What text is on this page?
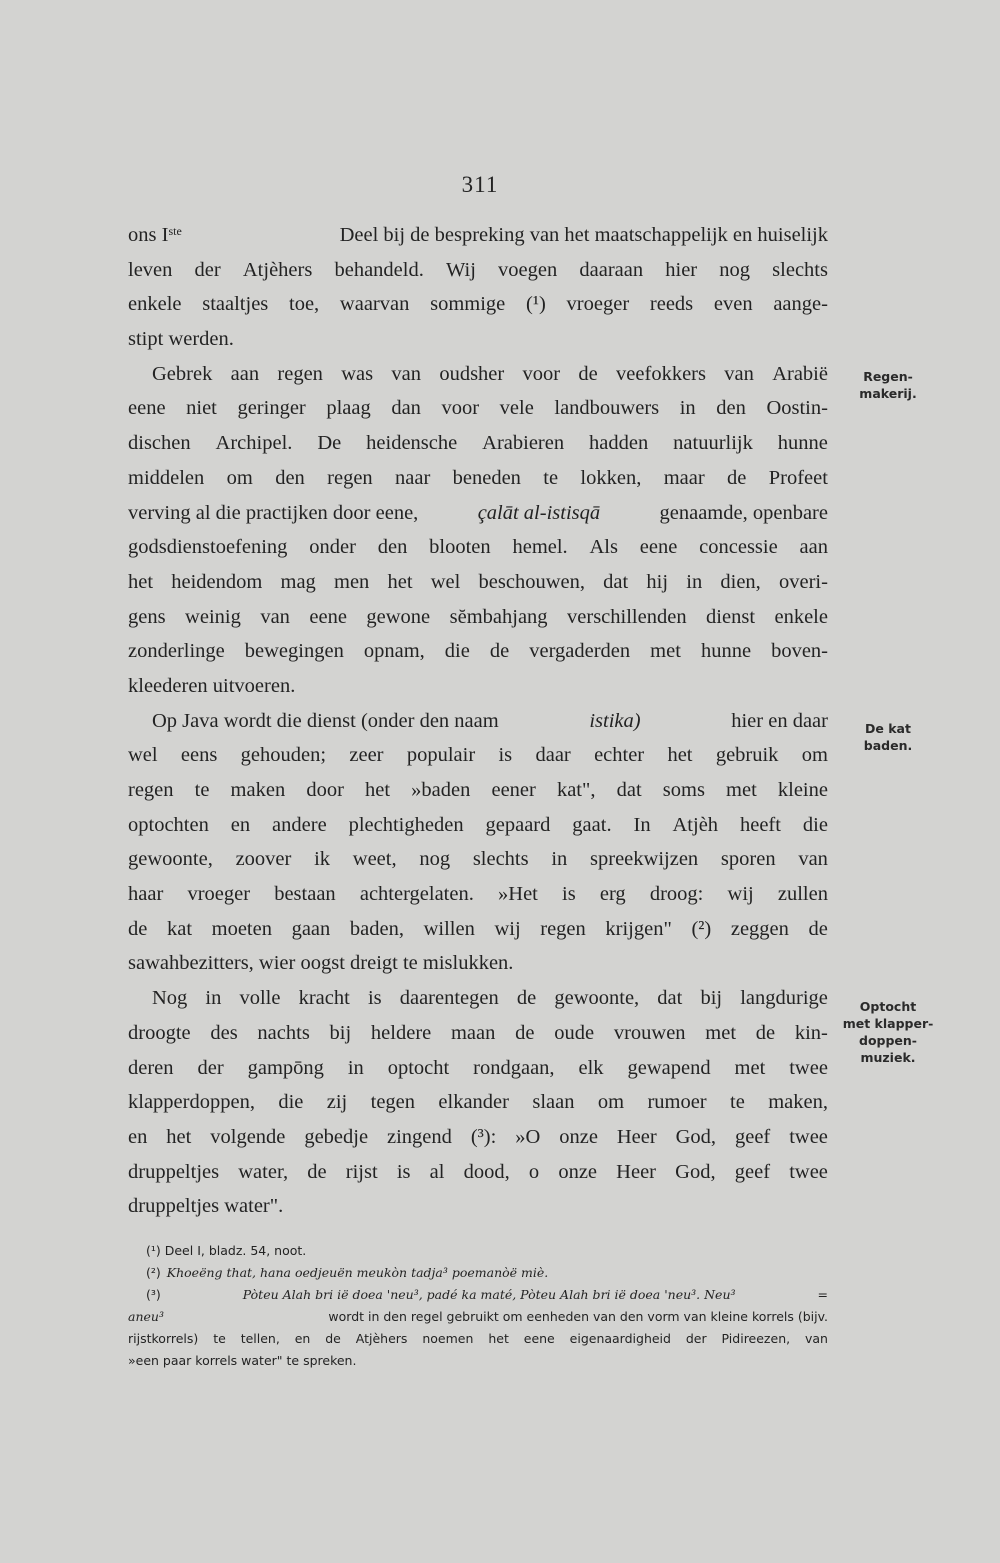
311
ons Iste	Deel bij de bespreking van het maatschappelijk en huiselijk
leven der Atjèhers behandeld. Wij voegen daaraan hier nog slechts
enkele staaltjes toe, waarvan sommige (¹) vroeger reeds even aange-
stipt werden.
Gebrek aan regen was van oudsher voor de veefokkers van Arabië
eene niet geringer plaag dan voor vele landbouwers in den Oostin-
dischen Archipel. De heidensche Arabieren hadden natuurlijk hunne
middelen om den regen naar beneden te lokken, maar de Profeet
verving al die practijken door eene,	çalāt al-istisqā	genaamde, openbare
godsdienstoefening onder den blooten hemel. Als eene concessie aan
het heidendom mag men het wel beschouwen, dat hij in dien, overi-
gens weinig van eene gewone sĕmbahjang verschillenden dienst enkele
zonderlinge bewegingen opnam, die de vergaderden met hunne boven-
kleederen uitvoeren.
Op Java wordt die dienst (onder den naam	istika)	hier en daar
wel eens gehouden; zeer populair is daar echter het gebruik om
regen te maken door het »baden eener kat", dat soms met kleine
optochten en andere plechtigheden gepaard gaat. In Atjèh heeft die
gewoonte, zoover ik weet, nog slechts in spreekwijzen sporen van
haar vroeger bestaan achtergelaten. »Het is erg droog: wij zullen
de kat moeten gaan baden, willen wij regen krijgen" (²) zeggen de
sawahbezitters, wier oogst dreigt te mislukken.
Nog in volle kracht is daarentegen de gewoonte, dat bij langdurige
droogte des nachts bij heldere maan de oude vrouwen met de kin-
deren der gampōng in optocht rondgaan, elk gewapend met twee
klapperdoppen, die zij tegen elkander slaan om rumoer te maken,
en het volgende gebedje zingend (³): »O onze Heer God, geef twee
druppeltjes water, de rijst is al dood, o onze Heer God, geef twee
druppeltjes water".
Regen-
makerij.
De kat
baden.
Optocht
met klapper-
doppen-
muziek.
(¹) Deel I, bladz. 54, noot.
(²) Khoeëng that, hana oedjeuën meukòn tadja³ poemanòë miè.
(³)	Pòteu Alah bri ië doea 'neu³, padé ka maté, Pòteu Alah bri ië doea 'neu³. Neu³	=
aneu³	wordt in den regel gebruikt om eenheden van den vorm van kleine korrels (bijv.
rijstkorrels) te tellen, en de Atjèhers noemen het eene eigenaardigheid der Pidireezen, van
»een paar korrels water" te spreken.
